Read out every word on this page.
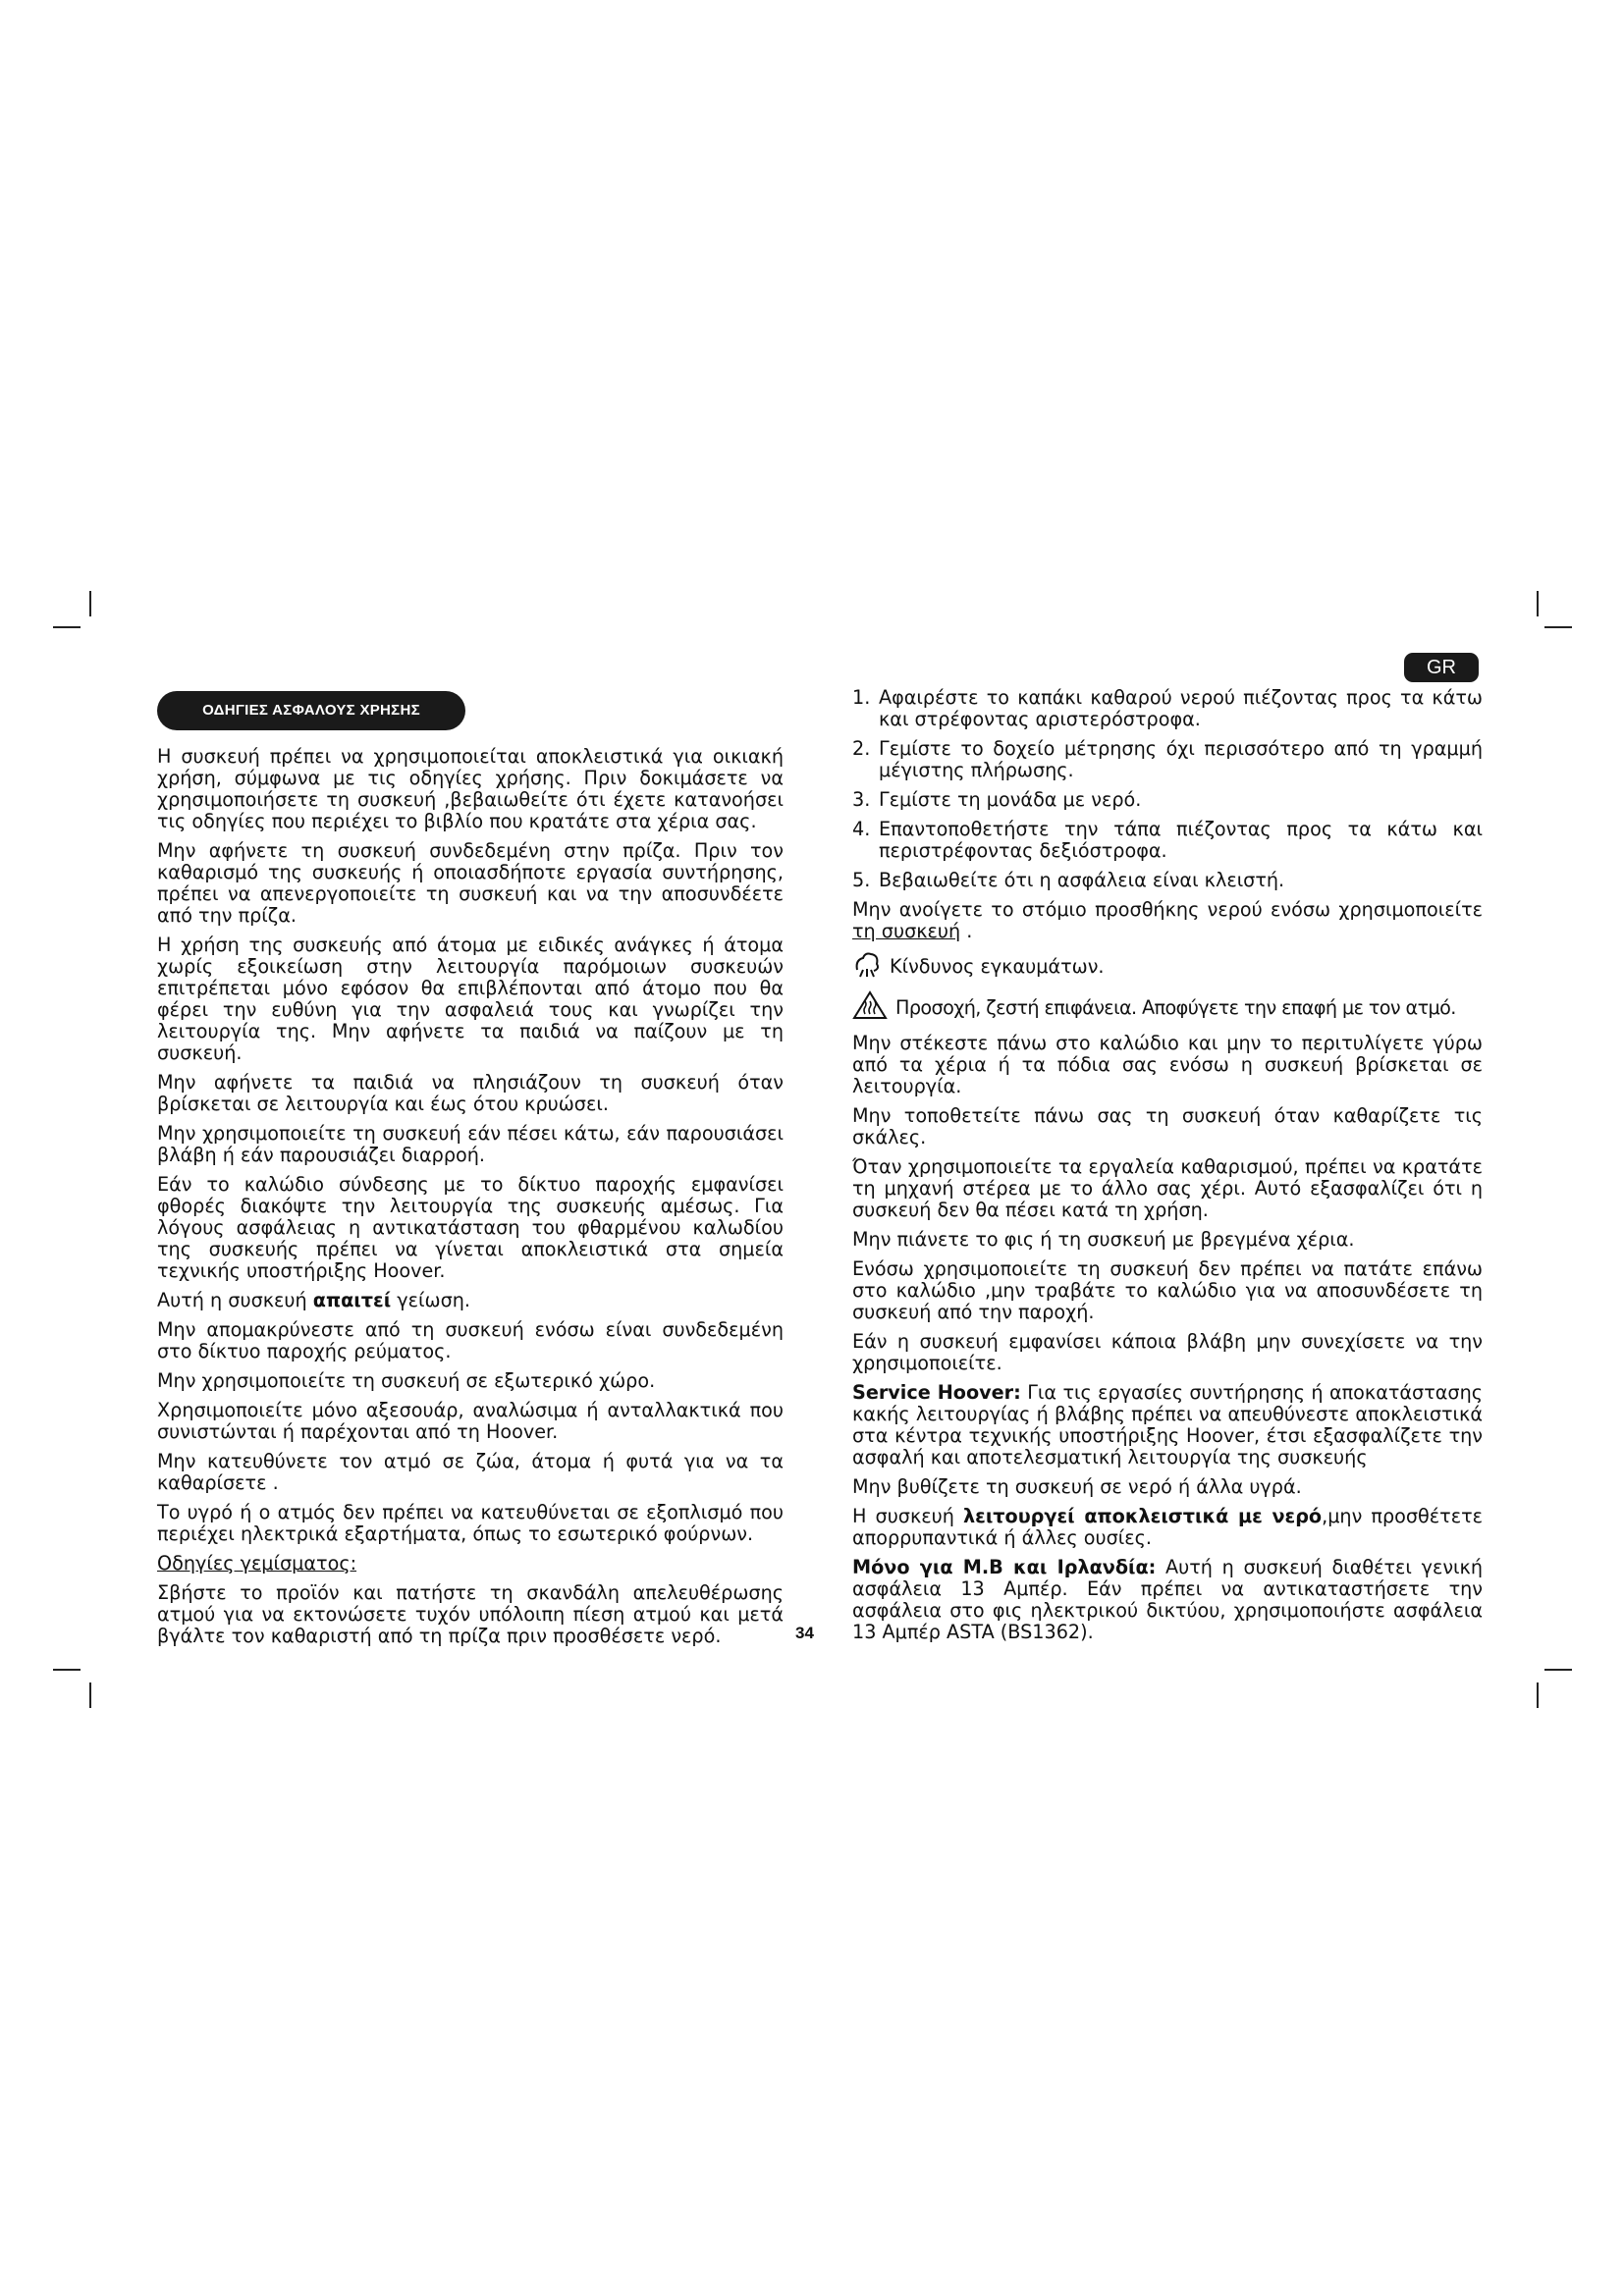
GR
ΟΔΗΓΙΕΣ ΑΣΦΑΛΟΥΣ ΧΡΗΣΗΣ

Η συσκευή πρέπει να χρησιμοποιείται αποκλειστικά για οικιακή χρήση, σύμφωνα με τις οδηγίες χρήσης. Πριν δοκιμάσετε να χρησιμοποιήσετε τη συσκευή ,βεβαιωθείτε ότι έχετε κατανοήσει τις οδηγίες που περιέχει το βιβλίο που κρατάτε στα χέρια σας.

Μην αφήνετε τη συσκευή συνδεδεμένη στην πρίζα. Πριν τον καθαρισμό της συσκευής ή οποιασδήποτε εργασία συντήρησης, πρέπει να απενεργοποιείτε τη συσκευή και να την αποσυνδέετε από την πρίζα.

Η χρήση της συσκευής από άτομα με ειδικές ανάγκες ή άτομα χωρίς εξοικείωση στην λειτουργία παρόμοιων συσκευών επιτρέπεται μόνο εφόσον θα επιβλέπονται από άτομο που θα φέρει την ευθύνη για την ασφαλειά τους και γνωρίζει την λειτουργία της. Μην αφήνετε τα παιδιά να παίζουν με τη συσκευή.

Μην αφήνετε τα παιδιά να πλησιάζουν τη συσκευή όταν βρίσκεται σε λειτουργία και έως ότου κρυώσει.

Μην χρησιμοποιείτε τη συσκευή εάν πέσει κάτω, εάν παρουσιάσει βλάβη ή εάν παρουσιάζει διαρροή.

Εάν το καλώδιο σύνδεσης με το δίκτυο παροχής εμφανίσει φθορές διακόψτε την λειτουργία της συσκευής αμέσως. Για λόγους ασφάλειας η αντικατάσταση του φθαρμένου καλωδίου της συσκευής πρέπει να γίνεται αποκλειστικά στα σημεία τεχνικής υποστήριξης Hoover.

Αυτή η συσκευή απαιτεί γείωση.

Μην απομακρύνεστε από τη συσκευή ενόσω είναι συνδεδεμένη στο δίκτυο παροχής ρεύματος.

Μην χρησιμοποιείτε τη συσκευή σε εξωτερικό χώρο.

Χρησιμοποιείτε μόνο αξεσουάρ, αναλώσιμα ή ανταλλακτικά που συνιστώνται ή παρέχονται από τη Hoover.

Μην κατευθύνετε τον ατμό σε ζώα, άτομα ή φυτά για να τα καθαρίσετε .

Το υγρό ή ο ατμός δεν πρέπει να κατευθύνεται σε εξοπλισμό που περιέχει ηλεκτρικά εξαρτήματα, όπως το εσωτερικό φούρνων.

Οδηγίες γεμίσματος:

Σβήστε το προϊόν και πατήστε τη σκανδάλη απελευθέρωσης ατμού για να εκτονώσετε τυχόν υπόλοιπη πίεση ατμού και μετά βγάλτε τον καθαριστή από τη πρίζα πριν προσθέσετε νερό.	34
1. Αφαιρέστε το καπάκι καθαρού νερού πιέζοντας προς τα κάτω και στρέφοντας αριστερόστροφα.
2. Γεμίστε το δοχείο μέτρησης όχι περισσότερο από τη γραμμή μέγιστης πλήρωσης.
3. Γεμίστε τη μονάδα με νερό.
4. Επαντοποθετήστε την τάπα πιέζοντας προς τα κάτω και περιστρέφοντας δεξιόστροφα.
5. Βεβαιωθείτε ότι η ασφάλεια είναι κλειστή.

Μην ανοίγετε το στόμιο προσθήκης νερού ενόσω χρησιμοποιείτε τη συσκευή .

Κίνδυνος εγκαυμάτων.
Προσοχή, ζεστή επιφάνεια. Αποφύγετε την επαφή με τον ατμό.

Μην στέκεστε πάνω στο καλώδιο και μην το περιτυλίγετε γύρω από τα χέρια ή τα πόδια σας ενόσω η συσκευή βρίσκεται σε λειτουργία.

Μην τοποθετείτε πάνω σας τη συσκευή όταν καθαρίζετε τις σκάλες.

Όταν χρησιμοποιείτε τα εργαλεία καθαρισμού, πρέπει να κρατάτε τη μηχανή στέρεα με το άλλο σας χέρι. Αυτό εξασφαλίζει ότι η συσκευή δεν θα πέσει κατά τη χρήση.

Μην πιάνετε το φις ή τη συσκευή με βρεγμένα χέρια.

Ενόσω χρησιμοποιείτε τη συσκευή δεν πρέπει να πατάτε επάνω στο καλώδιο ,μην τραβάτε το καλώδιο για να αποσυνδέσετε τη συσκευή από την παροχή.

Εάν η συσκευή εμφανίσει κάποια βλάβη μην συνεχίσετε να την χρησιμοποιείτε.

Service Hoover: Για τις εργασίες συντήρησης ή αποκατάστασης κακής λειτουργίας ή βλάβης πρέπει να απευθύνεστε αποκλειστικά στα κέντρα τεχνικής υποστήριξης Hoover, έτσι εξασφαλίζετε την ασφαλή και αποτελεσματική λειτουργία της συσκευής

Μην βυθίζετε τη συσκευή σε νερό ή άλλα υγρά.

Η συσκευή λειτουργεί αποκλειστικά με νερό,μην προσθέτετε απορρυπαντικά ή άλλες ουσίες.

Μόνο για Μ.Β και Ιρλανδία: Αυτή η συσκευή διαθέτει γενική ασφάλεια 13 Αμπέρ. Εάν πρέπει να αντικαταστήσετε την ασφάλεια στο φις ηλεκτρικού δικτύου, χρησιμοποιήστε ασφάλεια 13 Αμπέρ ASTA (BS1362).
